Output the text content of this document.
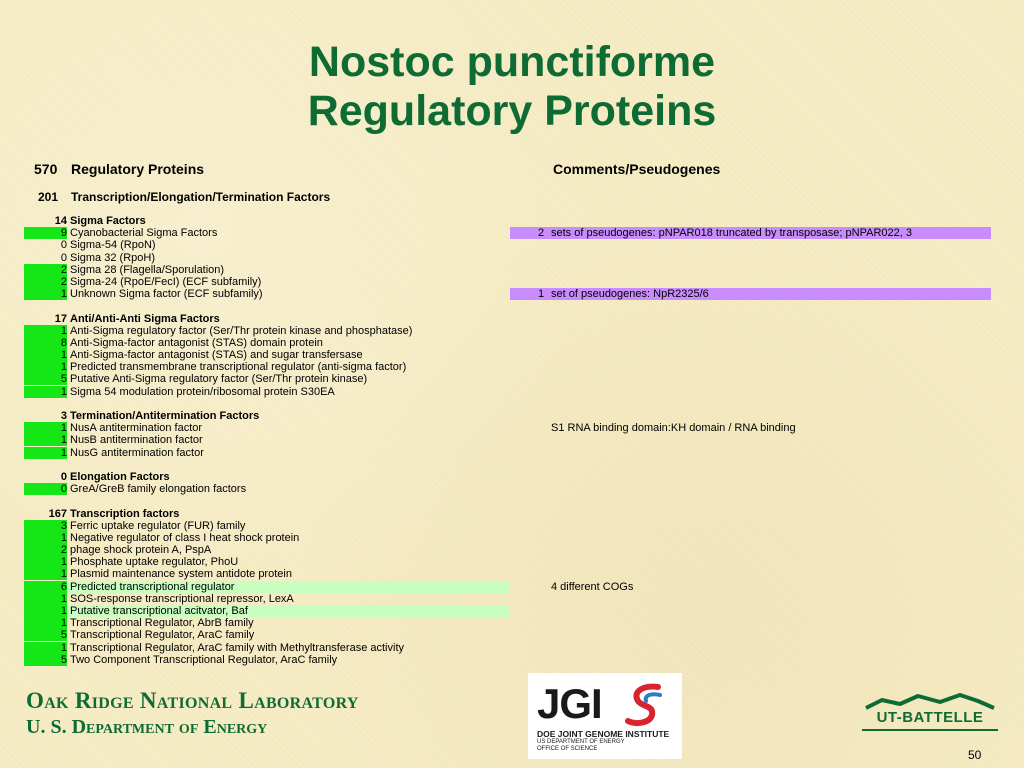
Nostoc punctiforme
Regulatory Proteins
570 Regulatory Proteins	Comments/Pseudogenes
201 Transcription/Elongation/Termination Factors
14 Sigma Factors
9 Cyanobacterial Sigma Factors	2 sets of pseudogenes: pNPAR018 truncated by transposase; pNPAR022, 3
0 Sigma-54 (RpoN)
0 Sigma 32 (RpoH)
2 Sigma 28 (Flagella/Sporulation)
2 Sigma-24 (RpoE/FecI) (ECF subfamily)
1 Unknown Sigma factor (ECF subfamily)	1 set of pseudogenes: NpR2325/6
17 Anti/Anti-Anti Sigma Factors
1 Anti-Sigma regulatory factor (Ser/Thr protein kinase and phosphatase)
8 Anti-Sigma-factor antagonist (STAS) domain protein
1 Anti-Sigma-factor antagonist (STAS) and sugar transfersase
1 Predicted transmembrane transcriptional regulator (anti-sigma factor)
5 Putative Anti-Sigma regulatory factor (Ser/Thr protein kinase)
1 Sigma 54 modulation protein/ribosomal protein S30EA
3 Termination/Antitermination Factors
1 NusA antitermination factor	S1 RNA binding domain:KH domain / RNA binding
1 NusB antitermination factor
1 NusG antitermination factor
0 Elongation Factors
0 GreA/GreB family elongation factors
167 Transcription factors
3 Ferric uptake regulator (FUR) family
1 Negative regulator of class I heat shock protein
2 phage shock protein A, PspA
1 Phosphate uptake regulator, PhoU
1 Plasmid maintenance system antidote protein
6 Predicted transcriptional regulator	4 different COGs
1 SOS-response transcriptional repressor, LexA
1 Putative transcriptional acitvator, Baf
1 Transcriptional Regulator, AbrB family
5 Transcriptional Regulator, AraC family
1 Transcriptional Regulator, AraC family with Methyltransferase activity
5 Two Component Transcriptional Regulator, AraC family
Oak Ridge National Laboratory
U. S. Department of Energy	JGI
DOE JOINT GENOME INSTITUTE
US DEPARTMENT OF ENERGY
OFFICE OF SCIENCE
UT-BATTELLE
50
